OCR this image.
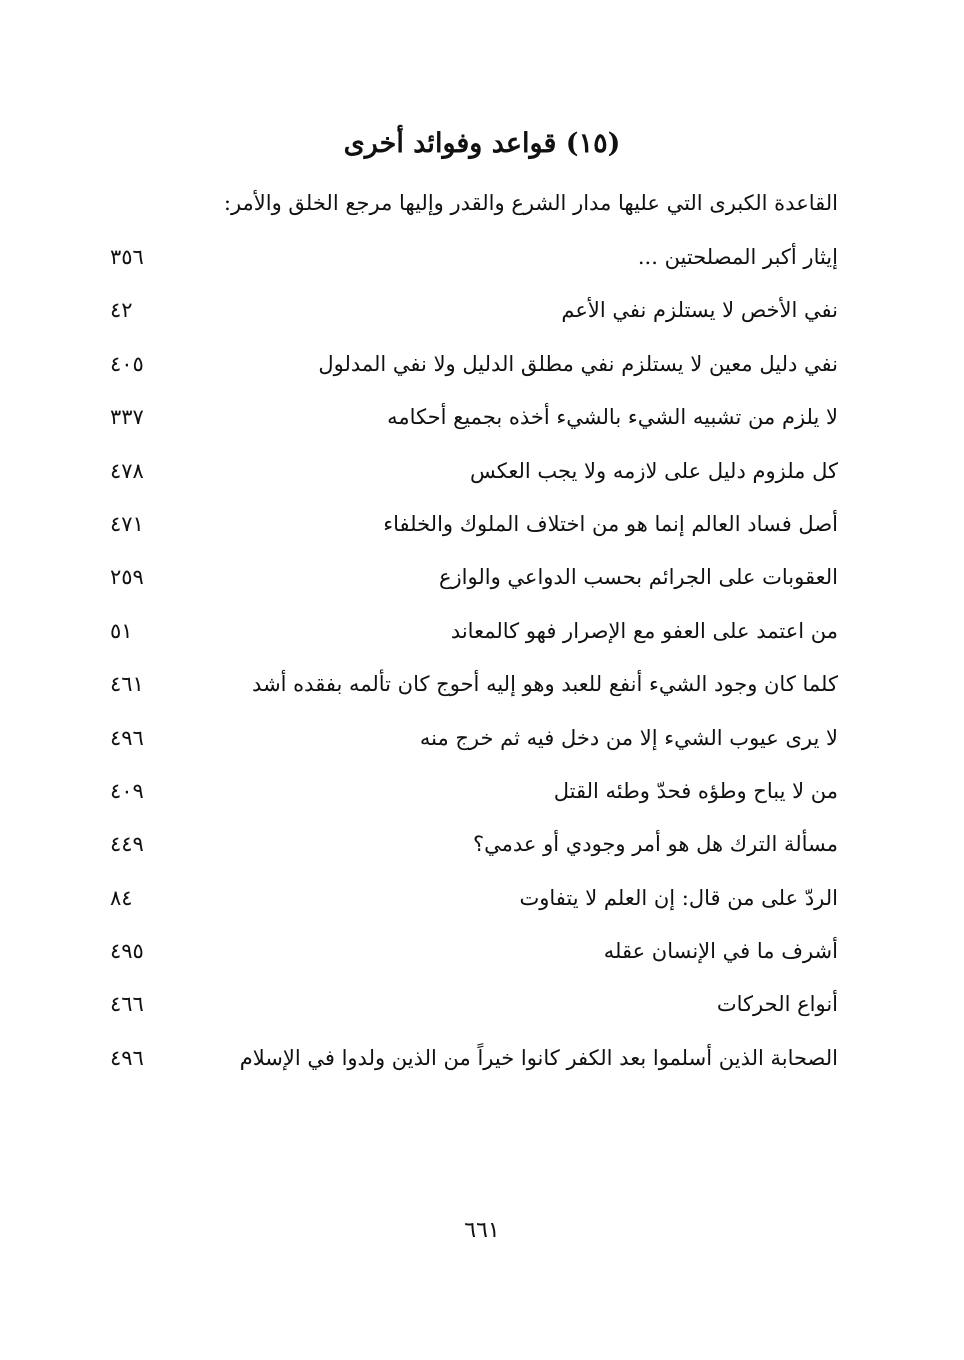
(١٥) قواعد وفوائد أخرى
القاعدة الكبرى التي عليها مدار الشرع والقدر وإليها مرجع الخلق والأمر:
إيثار أكبر المصلحتين ...
٣٥٦
نفي الأخص لا يستلزم نفي الأعم
٤٢
نفي دليل معين لا يستلزم نفي مطلق الدليل ولا نفي المدلول
٤٠٥
لا يلزم من تشبيه الشيء بالشيء أخذه بجميع أحكامه
٣٣٧
كل ملزوم دليل على لازمه ولا يجب العكس
٤٧٨
أصل فساد العالم إنما هو من اختلاف الملوك والخلفاء
٤٧١
العقوبات على الجرائم بحسب الدواعي والوازع
٢٥٩
من اعتمد على العفو مع الإصرار فهو كالمعاند
٥١
كلما كان وجود الشيء أنفع للعبد وهو إليه أحوج كان تألمه بفقده أشد
٤٦١
لا يرى عيوب الشيء إلا من دخل فيه ثم خرج منه
٤٩٦
من لا يباح وطؤه فحدّ وطئه القتل
٤٠٩
مسألة الترك هل هو أمر وجودي أو عدمي؟
٤٤٩
الردّ على من قال: إن العلم لا يتفاوت
٨٤
أشرف ما في الإنسان عقله
٤٩٥
أنواع الحركات
٤٦٦
الصحابة الذين أسلموا بعد الكفر كانوا خيراً من الذين ولدوا في الإسلام
٤٩٦
٦٦١
